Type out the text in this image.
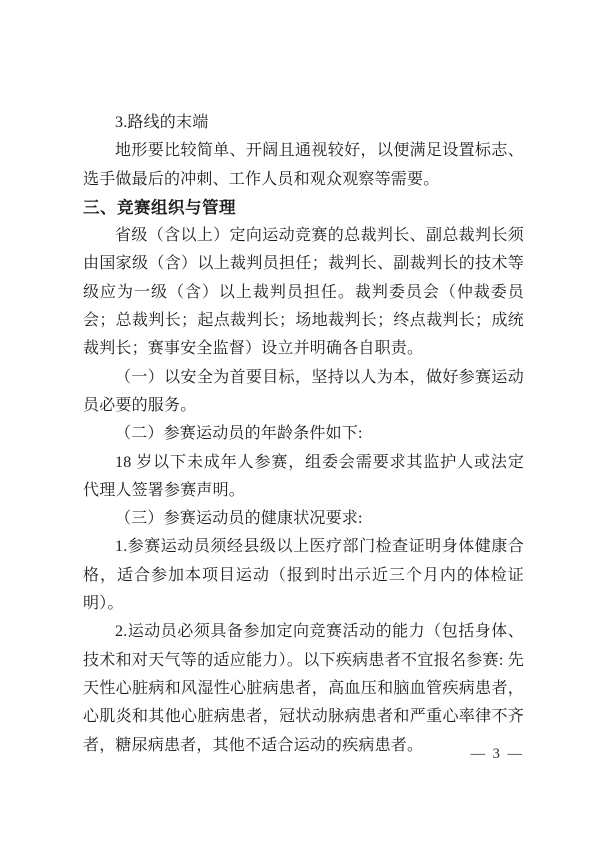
3.路线的末端

地形要比较简单、开阔且通视较好，以便满足设置标志、选手做最后的冲刺、工作人员和观众观察等需要。

三、竞赛组织与管理

省级（含以上）定向运动竞赛的总裁判长、副总裁判长须由国家级（含）以上裁判员担任；裁判长、副裁判长的技术等级应为一级（含）以上裁判员担任。裁判委员会（仲裁委员会；总裁判长；起点裁判长；场地裁判长；终点裁判长；成统裁判长；赛事安全监督）设立并明确各自职责。

（一）以安全为首要目标，坚持以人为本，做好参赛运动员必要的服务。

（二）参赛运动员的年龄条件如下:

18 岁以下未成年人参赛，组委会需要求其监护人或法定代理人签署参赛声明。

（三）参赛运动员的健康状况要求:

1.参赛运动员须经县级以上医疗部门检查证明身体健康合格，适合参加本项目运动（报到时出示近三个月内的体检证明）。

2.运动员必须具备参加定向竞赛活动的能力（包括身体、技术和对天气等的适应能力）。以下疾病患者不宜报名参赛: 先天性心脏病和风湿性心脏病患者，高血压和脑血管疾病患者，心肌炎和其他心脏病患者，冠状动脉病患者和严重心率律不齐者，糖尿病患者，其他不适合运动的疾病患者。

— 3 —
